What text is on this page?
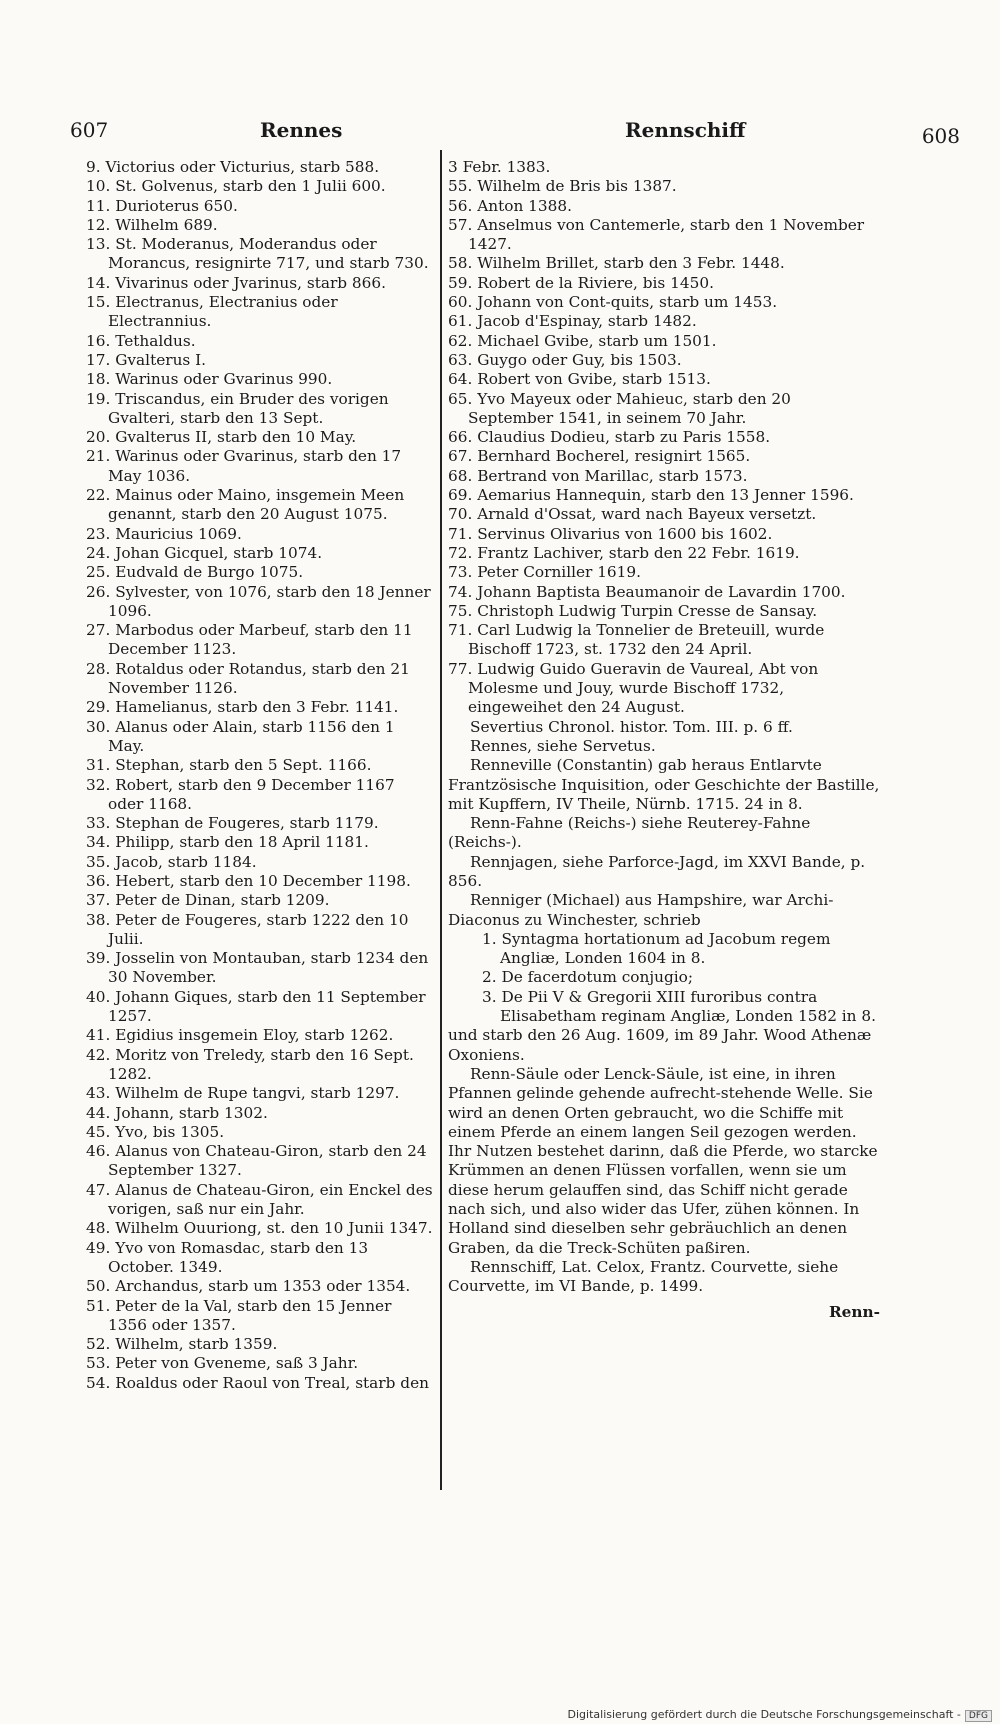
607	Rennes	Rennschiff	608

9. Victorius oder Victurius, starb 588.

10. St. Golvenus, starb den 1 Julii 600.

11. Durioterus 650.

12. Wilhelm 689.

13. St. Moderanus, Moderandus oder Morancus, resignirte 717, und starb 730.

14. Vivarinus oder Jvarinus, starb 866.

15. Electranus, Electranius oder Electrannius.

16. Tethaldus.

17. Gvalterus I.

18. Warinus oder Gvarinus 990.

19. Triscandus, ein Bruder des vorigen Gvalteri, starb den 13 Sept.

20. Gvalterus II, starb den 10 May.

21. Warinus oder Gvarinus, starb den 17 May 1036.

22. Mainus oder Maino, insgemein Meen genannt, starb den 20 August 1075.

23. Mauricius 1069.

24. Johan Gicquel, starb 1074.

25. Eudvald de Burgo 1075.

26. Sylvester, von 1076, starb den 18 Jenner 1096.

27. Marbodus oder Marbeuf, starb den 11 December 1123.

28. Rotaldus oder Rotandus, starb den 21 November 1126.

29. Hamelianus, starb den 3 Febr. 1141.

30. Alanus oder Alain, starb 1156 den 1 May.

31. Stephan, starb den 5 Sept. 1166.

32. Robert, starb den 9 December 1167 oder 1168.

33. Stephan de Fougeres, starb 1179.

34. Philipp, starb den 18 April 1181.

35. Jacob, starb 1184.

36. Hebert, starb den 10 December 1198.

37. Peter de Dinan, starb 1209.

38. Peter de Fougeres, starb 1222 den 10 Julii.

39. Josselin von Montauban, starb 1234 den 30 November.

40. Johann Giques, starb den 11 September 1257.

41. Egidius insgemein Eloy, starb 1262.

42. Moritz von Treledy, starb den 16 Sept. 1282.

43. Wilhelm de Rupe tangvi, starb 1297.

44. Johann, starb 1302.

45. Yvo, bis 1305.

46. Alanus von Chateau-Giron, starb den 24 September 1327.

47. Alanus de Chateau-Giron, ein Enckel des vorigen, saß nur ein Jahr.

48. Wilhelm Ouuriong, st. den 10 Junii 1347.

49. Yvo von Romasdac, starb den 13 October. 1349.

50. Archandus, starb um 1353 oder 1354.

51. Peter de la Val, starb den 15 Jenner 1356 oder 1357.

52. Wilhelm, starb 1359.

53. Peter von Gveneme, saß 3 Jahr.

54. Roaldus oder Raoul von Treal, starb den

3 Febr. 1383.

55. Wilhelm de Bris bis 1387.

56. Anton 1388.

57. Anselmus von Cantemerle, starb den 1 November 1427.

58. Wilhelm Brillet, starb den 3 Febr. 1448.

59. Robert de la Riviere, bis 1450.

60. Johann von Cont-quits, starb um 1453.

61. Jacob d'Espinay, starb 1482.

62. Michael Gvibe, starb um 1501.

63. Guygo oder Guy, bis 1503.

64. Robert von Gvibe, starb 1513.

65. Yvo Mayeux oder Mahieuc, starb den 20 September 1541, in seinem 70 Jahr.

66. Claudius Dodieu, starb zu Paris 1558.

67. Bernhard Bocherel, resignirt 1565.

68. Bertrand von Marillac, starb 1573.

69. Aemarius Hannequin, starb den 13 Jenner 1596.

70. Arnald d'Ossat, ward nach Bayeux versetzt.

71. Servinus Olivarius von 1600 bis 1602.

72. Frantz Lachiver, starb den 22 Febr. 1619.

73. Peter Corniller 1619.

74. Johann Baptista Beaumanoir de Lavardin 1700.

75. Christoph Ludwig Turpin Cresse de Sansay.

71. Carl Ludwig la Tonnelier de Breteuill, wurde Bischoff 1723, st. 1732 den 24 April.

77. Ludwig Guido Gueravin de Vaureal, Abt von Molesme und Jouy, wurde Bischoff 1732, eingeweihet den 24 August.

Severtius Chronol. histor. Tom. III. p. 6 ff.

Rennes, siehe Servetus.

Renneville (Constantin) gab heraus Entlarvte Frantzösische Inquisition, oder Geschichte der Bastille, mit Kupffern, IV Theile, Nürnb. 1715. 24 in 8.

Renn-Fahne (Reichs-) siehe Reuterey-Fahne (Reichs-).

Rennjagen, siehe Parforce-Jagd, im XXVI Bande, p. 856.

Renniger (Michael) aus Hampshire, war Archi-Diaconus zu Winchester, schrieb

1. Syntagma hortationum ad Jacobum regem Angliæ, Londen 1604 in 8.

2. De facerdotum conjugio;

3. De Pii V & Gregorii XIII furoribus contra Elisabetham reginam Angliæ, Londen 1582 in 8.

und starb den 26 Aug. 1609, im 89 Jahr. Wood Athenæ Oxoniens.

Renn-Säule oder Lenck-Säule, ist eine, in ihren Pfannen gelinde gehende aufrecht-stehende Welle. Sie wird an denen Orten gebraucht, wo die Schiffe mit einem Pferde an einem langen Seil gezogen werden. Ihr Nutzen bestehet darinn, daß die Pferde, wo starcke Krümmen an denen Flüssen vorfallen, wenn sie um diese herum gelauffen sind, das Schiff nicht gerade nach sich, und also wider das Ufer, zühen können. In Holland sind dieselben sehr gebräuchlich an denen Graben, da die Treck-Schüten paßiren.

Rennschiff, Lat. Celox, Frantz. Courvette, siehe Courvette, im VI Bande, p. 1499.

Renn-
Digitalisierung gefördert durch die Deutsche Forschungsgemeinschaft - DFG
